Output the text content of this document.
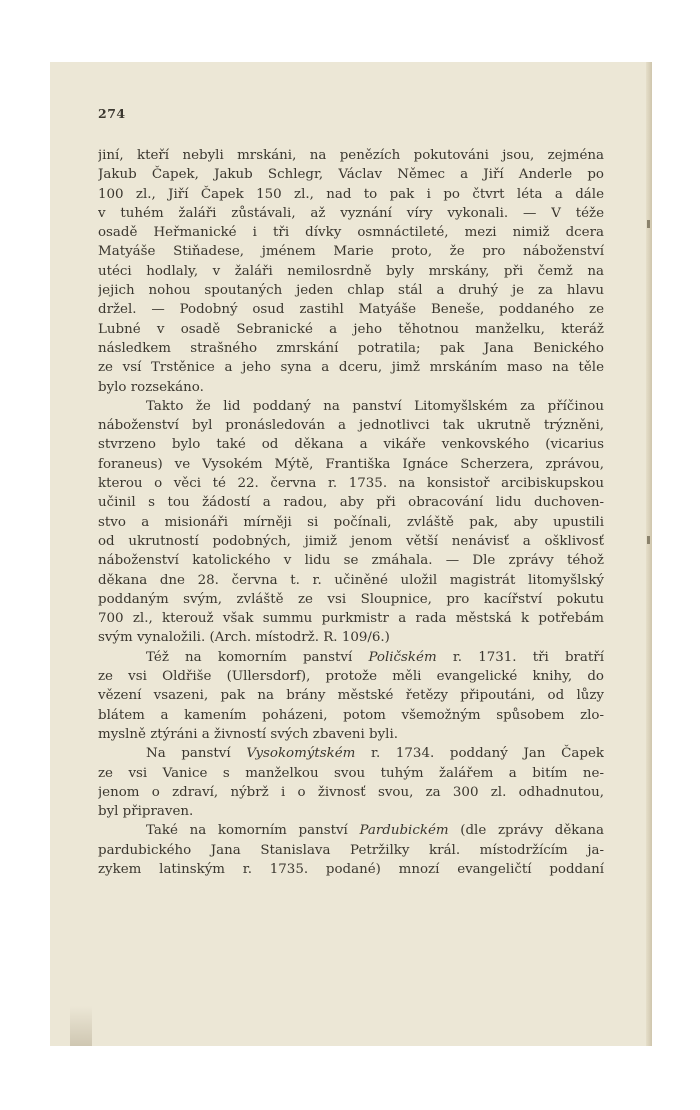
274
jiní, kteří nebyli mrskáni, na penězích pokutováni jsou, zejména
Jakub Čapek, Jakub Schlegr, Václav Němec a Jiří Anderle po
100 zl., Jiří Čapek 150 zl., nad to pak i po čtvrt léta a dále
v tuhém žaláři zůstávali, až vyznání víry vykonali. — V téže
osadě Heřmanické i tři dívky osmnáctileté, mezi nimiž dcera
Matyáše Stiňadese, jménem Marie proto, že pro náboženství
utéci hodlaly, v žaláři nemilosrdně byly mrskány, při čemž na
jejich nohou spoutaných jeden chlap stál a druhý je za hlavu
držel. — Podobný osud zastihl Matyáše Beneše, poddaného ze
Lubné v osadě Sebranické a jeho těhotnou manželku, kteráž
následkem strašného zmrskání potratila; pak Jana Benického
ze vsí Trstěnice a jeho syna a dceru, jimž mrskáním maso na těle
bylo rozsekáno.
Takto že lid poddaný na panství Litomyšlském za příčinou
náboženství byl pronásledován a jednotlivci tak ukrutně trýzněni,
stvrzeno bylo také od děkana a vikáře venkovského (vicarius
foraneus) ve Vysokém Mýtě, Františka Ignáce Scherzera, zprávou,
kterou o věci té 22. června r. 1735. na konsistoř arcibiskupskou
učinil s tou žádostí a radou, aby při obracování lidu duchoven-
stvo a misionáři mírněji si počínali, zvláště pak, aby upustili
od ukrutností podobných, jimiž jenom větší nenávisť a ošklivosť
náboženství katolického v lidu se zmáhala. — Dle zprávy téhož
děkana dne 28. června t. r. učiněné uložil magistrát litomyšlský
poddaným svým, zvláště ze vsi Sloupnice, pro kacířství pokutu
700 zl., kterouž však summu purkmistr a rada městská k potřebám
svým vynaložili. (Arch. místodrž. R. 109/6.)
Též na komorním panství Poličském r. 1731. tři bratří
ze vsi Oldřiše (Ullersdorf), protože měli evangelické knihy, do
vězení vsazeni, pak na brány městské řetězy připoutáni, od lůzy
blátem a kamením poházeni, potom všemožným spůsobem zlo-
myslně ztýráni a živností svých zbaveni byli.
Na panství Vysokomýtském r. 1734. poddaný Jan Čapek
ze vsi Vanice s manželkou svou tuhým žalářem a bitím ne-
jenom o zdraví, nýbrž i o živnosť svou, za 300 zl. odhadnutou,
byl připraven.
Také na komorním panství Pardubickém (dle zprávy děkana
pardubického Jana Stanislava Petržilky král. místodržícím ja-
zykem latinským r. 1735. podané) mnozí evangeličtí poddaní
